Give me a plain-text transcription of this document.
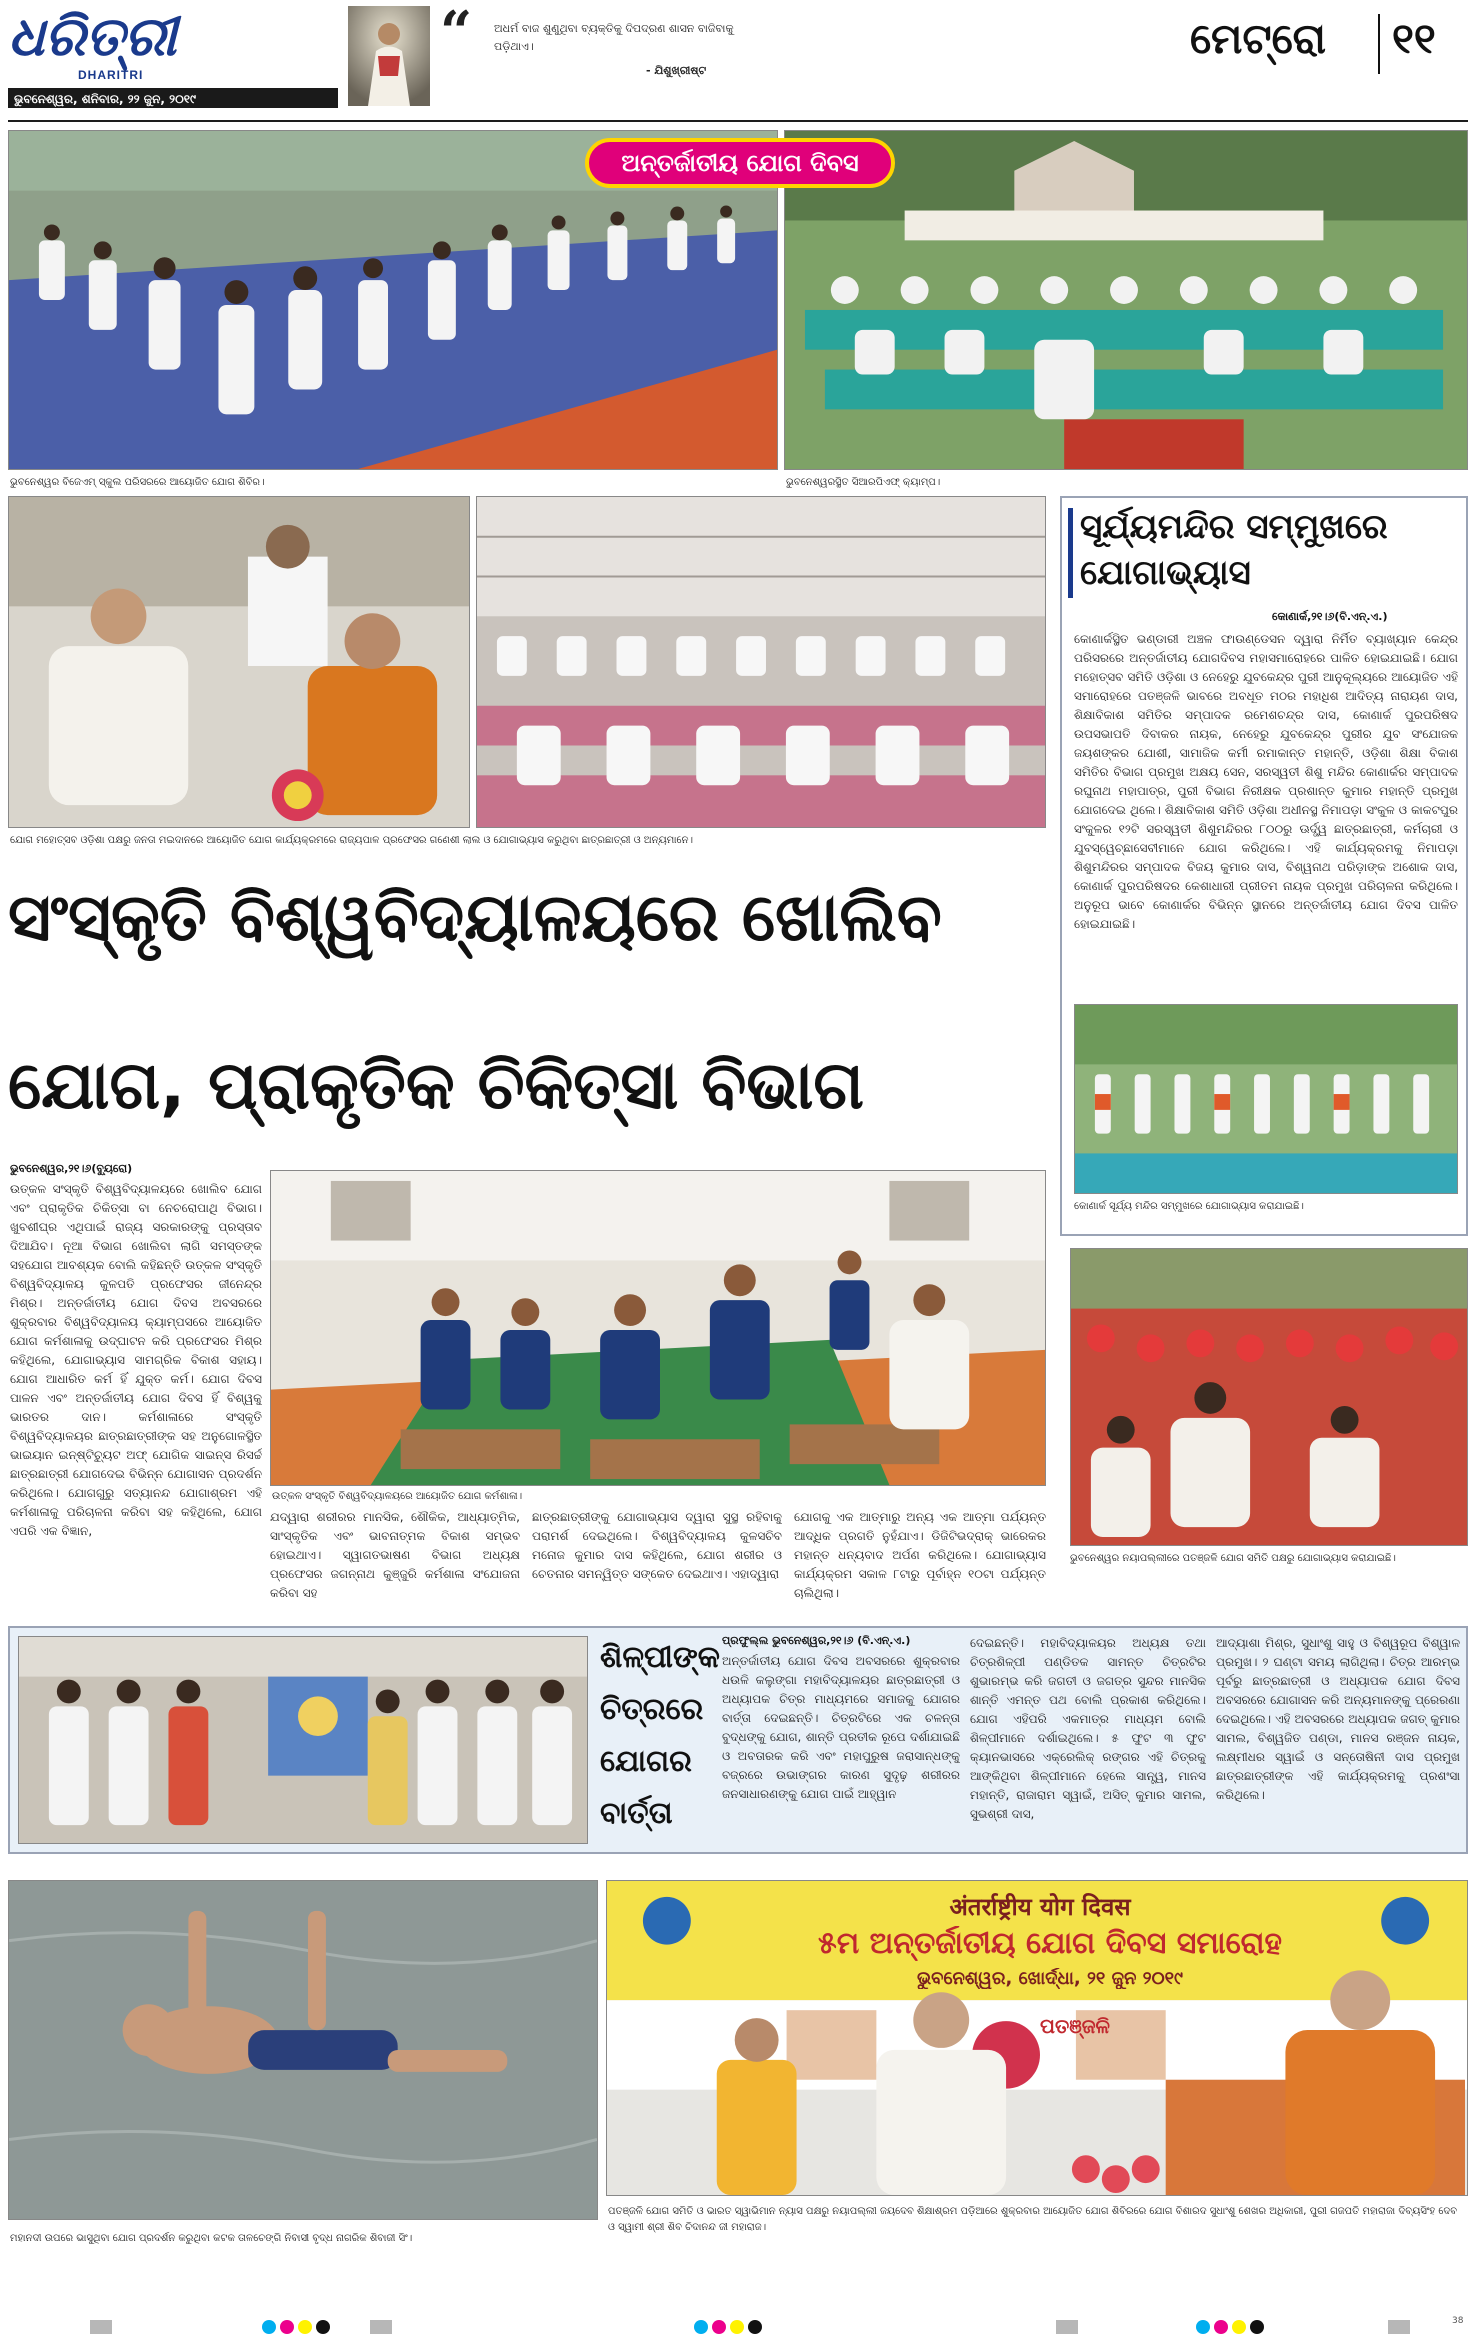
ଧରିତ୍ରୀ
DHARITRI
ଭୁବନେଶ୍ୱର, ଶନିବାର, ୨୨ ଜୁନ, ୨୦୧୯
“ ଅଧର୍ମ ବାଜ ଶୁଣୁଥିବା ବ୍ୟକ୍ତିକୁ ଦିପଦ୍ରଣ ଶାସନ ବାଜିବାକୁ ପଡ଼ିଥାଏ।
- ଯିଶୁଖ୍ରୀଷ୍ଟ
ମେଟ୍ରୋ ୧୧
ଅନ୍ତର୍ଜାତୀୟ ଯୋଗ ଦିବସ
ଭୁବନେଶ୍ୱର ବିଜେଏମ୍ ସ୍କୁଲ ପରିସରରେ ଆୟୋଜିତ ଯୋଗ ଶିବିର।	ଭୁବନେଶ୍ୱରସ୍ଥିତ ସିଆରପିଏଫ୍ କ୍ୟାମ୍ପ।
ଯୋଗ ମହୋତ୍ସବ ଓଡ଼ିଶା ପକ୍ଷରୁ ଜନତା ମଇଦାନରେ ଆୟୋଜିତ ଯୋଗ କାର୍ଯ୍ୟକ୍ରମରେ ରାଜ୍ୟପାଳ ପ୍ରଫେସର ଗଣେଶୀ ଲାଲ ଓ ଯୋଗାଭ୍ୟାସ କରୁଥିବା ଛାତ୍ରଛାତ୍ରୀ ଓ ଅନ୍ୟମାନେ।
ସୂର୍ଯ୍ୟମନ୍ଦିର ସମ୍ମୁଖରେ ଯୋଗାଭ୍ୟାସ
କୋଣାର୍କ,୨୧।୬(ବି.ଏନ୍.ଏ.)
କୋଣାର୍କସ୍ଥିତ ଭଣ୍ଡାରୀ ଅଞ୍ଚଳ ଫାଉଣ୍ଡେସନ ଦ୍ୱାରା ନିର୍ମିତ ବ୍ୟାଖ୍ୟାନ କେନ୍ଦ୍ର ପରିସରରେ ଅନ୍ତର୍ଜାତୀୟ ଯୋଗଦିବସ ମହାସମାରୋହରେ ପାଳିତ ହୋଇଯାଇଛି। ଯୋଗ ମହୋତ୍ସବ ସମିତି ଓଡ଼ିଶା ଓ ନେହେରୁ ଯୁବକେନ୍ଦ୍ର ପୁରୀ ଆନୁକୂଲ୍ୟରେ ଆୟୋଜିତ ଏହି ସମାରୋହରେ ପତଞ୍ଜଳି ଭାବରେ ଅବଧୂତ ମଠର ମହାଧିଶ ଆଦିତ୍ୟ ନାରାୟଣ ଦାସ, ଶିକ୍ଷାବିକାଶ ସମିତିର ସମ୍ପାଦକ ରମେଶଚନ୍ଦ୍ର ଦାସ, କୋଣାର୍କ ପୁରପରିଷଦ ଉପସଭାପତି ଦିବାକର ନାୟକ, ନେହେରୁ ଯୁବକେନ୍ଦ୍ର ପୁରୀର ଯୁବ ସଂଯୋଜକ ଜୟଶଙ୍କର ଯୋଶୀ, ସାମାଜିକ କର୍ମୀ ରମାକାନ୍ତ ମହାନ୍ତି, ଓଡ଼ିଶା ଶିକ୍ଷା ବିକାଶ ସମିତିର ବିଭାଗ ପ୍ରମୁଖ ଅକ୍ଷୟ ସେନ, ସରସ୍ୱତୀ ଶିଶୁ ମନ୍ଦିର କୋଣାର୍କର ସମ୍ପାଦକ ରଘୁନାଥ ମହାପାତ୍ର, ପୁରୀ ବିଭାଗ ନିରୀକ୍ଷକ ପ୍ରଶାନ୍ତ କୁମାର ମହାନ୍ତି ପ୍ରମୁଖ ଯୋଗଦେଇ ଥିଲେ। ଶିକ୍ଷାବିକାଶ ସମିତି ଓଡ଼ିଶା ଅଧୀନସ୍ଥ ନିମାପଡ଼ା ସଂକୁଳ ଓ କାକଟପୁର ସଂକୁଳର ୧୨ଟି ସରସ୍ୱତୀ ଶିଶୁମନ୍ଦିରର ୮୦୦ରୁ ଊର୍ଦ୍ଧ୍ୱ ଛାତ୍ରଛାତ୍ରୀ, କର୍ମଚାରୀ ଓ ଯୁବସ୍ୱେଚ୍ଛାସେବୀମାନେ ଯୋଗ କରିଥିଲେ। ଏହି କାର୍ଯ୍ୟକ୍ରମକୁ ନିମାପଡ଼ା ଶିଶୁମନ୍ଦିରର ସମ୍ପାଦକ ବିଜୟ କୁମାର ଦାସ, ବିଶ୍ୱନାଥ ପରିଡ଼ାଙ୍କ ଅଶୋକ ଦାସ, କୋଣାର୍କ ପୁରପରିଷଦର କେଶାଧାରୀ ପ୍ରୀତମ ନାୟକ ପ୍ରମୁଖ ପରିଚାଳନା କରିଥିଲେ। ଅନୁରୂପ ଭାବେ କୋଣାର୍କର ବିଭିନ୍ନ ସ୍ଥାନରେ ଅନ୍ତର୍ଜାତୀୟ ଯୋଗ ଦିବସ ପାଳିତ ହୋଇଯାଇଛି।
କୋଣାର୍କ ସୂର୍ଯ୍ୟ ମନ୍ଦିର ସମ୍ମୁଖରେ ଯୋଗାଭ୍ୟାସ କରାଯାଇଛି।
ସଂସ୍କୃତି ବିଶ୍ୱବିଦ୍ୟାଳୟରେ ଖୋଲିବ
ଯୋଗ, ପ୍ରାକୃତିକ ଚିକିତ୍ସା ବିଭାଗ
ଭୁବନେଶ୍ୱର,୨୧।୬(ବ୍ୟୁରୋ)
ଉତ୍କଳ ସଂସ୍କୃତି ବିଶ୍ୱବିଦ୍ୟାଳୟରେ ଖୋଲିବ ଯୋଗ ଏବଂ ପ୍ରାକୃତିକ ଚିକିତ୍ସା ବା ନେଚରୋପାଥି ବିଭାଗ। ଖୁବଶୀଘ୍ର ଏଥିପାଇଁ ରାଜ୍ୟ ସରକାରଙ୍କୁ ପ୍ରସ୍ତାବ ଦିଆଯିବ। ନୂଆ ବିଭାଗ ଖୋଲିବା ଲାଗି ସମସ୍ତଙ୍କ ସହଯୋଗ ଆବଶ୍ୟକ ବୋଲି କହିଛନ୍ତି ଉତ୍କଳ ସଂସ୍କୃତି ବିଶ୍ୱବିଦ୍ୟାଳୟ କୁଳପତି ପ୍ରଫେସର ଜୀନେନ୍ଦ୍ର ମିଶ୍ର। ଅନ୍ତର୍ଜାତୀୟ ଯୋଗ ଦିବସ ଅବସରରେ ଶୁକ୍ରବାର ବିଶ୍ୱବିଦ୍ୟାଳୟ କ୍ୟାମ୍ପସରେ ଆୟୋଜିତ ଯୋଗ କର୍ମଶାଳାକୁ ଉଦ୍‌ଘାଟନ କରି ପ୍ରଫେସର ମିଶ୍ର କହିଥିଲେ, ଯୋଗାଭ୍ୟାସ ସାମଗ୍ରିକ ବିକାଶ ସହାୟ। ଯୋଗ ଆଧାରିତ କର୍ମ ହିଁ ଯୁକ୍ତ କର୍ମ। ଯୋଗ ଦିବସ ପାଳନ ଏବଂ ଅନ୍ତର୍ଜାତୀୟ ଯୋଗ ଦିବସ ହିଁ ବିଶ୍ୱକୁ ଭାରତର ଦାନ। କର୍ମଶାଳାରେ ସଂସ୍କୃତି ବିଶ୍ୱବିଦ୍ୟାଳୟର ଛାତ୍ରଛାତ୍ରୀଙ୍କ ସହ ଅନୁଗୋଳସ୍ଥିତ ଭାଇୟାନ ଇନ୍‌ଷ୍ଟିଚ୍ୟୁଟ ଅଫ୍ ଯୋଗିକ ସାଇନ୍ସ ରିସର୍ଚ୍ଚ ଛାତ୍ରଛାତ୍ରୀ ଯୋଗଦେଇ ବିଭିନ୍ନ ଯୋଗାସନ ପ୍ରଦର୍ଶନ କରିଥିଲେ। ଯୋଗଗୁରୁ ସତ୍ୟାନନ୍ଦ ଯୋଗାଶ୍ରମ ଏହି କର୍ମଶାଳାକୁ ପରିଚାଳନା କରିବା ସହ କହିଥିଲେ, ଯୋଗ ଏପରି ଏକ ବିଜ୍ଞାନ,
ଉତ୍କଳ ସଂସ୍କୃତି ବିଶ୍ୱବିଦ୍ୟାଳୟରେ ଆୟୋଜିତ ଯୋଗ କର୍ମଶାଳା।
ଯଦ୍ୱାରା ଶରୀରର ମାନସିକ, ଶୌକିକ, ଆଧ୍ୟାତ୍ମିକ, ସାଂସ୍କୃତିକ ଏବଂ ଭାବନାତ୍ମକ ବିକାଶ ସମ୍ଭବ ହୋଇଥାଏ। ସ୍ୱାଗତଭାଷଣ ବିଭାଗ ଅଧ୍ୟକ୍ଷ ପ୍ରଫେସର ଜଗନ୍ନାଥ କୁଞ୍ଜୁରି କର୍ମଶାଳା ସଂଯୋଜନା କରିବା ସହ
ଛାତ୍ରଛାତ୍ରୀଙ୍କୁ ଯୋଗାଭ୍ୟାସ ଦ୍ୱାରା ସୁସ୍ଥ ରହିବାକୁ ପରାମର୍ଶ ଦେଇଥିଲେ। ବିଶ୍ୱବିଦ୍ୟାଳୟ କୁଳସଚିବ ମନୋଜ କୁମାର ଦାସ କହିଥିଲେ, ଯୋଗ ଶରୀର ଓ ଚେତନାର ସମନ୍ୱିତ୍ତ ସଙ୍କେତ ଦେଇଥାଏ। ଏହାଦ୍ୱାରା
ଯୋଗକୁ ଏକ ଆତ୍ମାରୁ ଅନ୍ୟ ଏକ ଆତ୍ମା ପର୍ଯ୍ୟନ୍ତ ଆଦ୍ଧିକ ପ୍ରଗତି ନୁହଁଯାଏ। ଡିଜିଟିଭଦ୍ରାକ୍ ଭାରେକର ମହାନ୍ତ ଧନ୍ୟବାଦ ଅର୍ପଣ କରିଥିଲେ। ଯୋଗାଭ୍ୟାସ କାର୍ଯ୍ୟକ୍ରମ ସକାଳ ୮ଟାରୁ ପୂର୍ବାହ୍ନ ୧୦ଟା ପର୍ଯ୍ୟନ୍ତ ଚାଲିଥିଲା।
ଭୁବନେଶ୍ୱର ନୟାପଲ୍ଲୀରେ ପତଞ୍ଜଳି ଯୋଗ ସମିତି ପକ୍ଷରୁ ଯୋଗାଭ୍ୟାସ କରାଯାଇଛି।
ଶିଳ୍ପୀଙ୍କ ଚିତ୍ରରେ ଯୋଗର ବାର୍ତ୍ତା
ପ୍ରଫୁଲ୍ଲ ଭୁବନେଶ୍ୱର,୨୧।୬ (ବି.ଏନ୍.ଏ.)
ଅନ୍ତର୍ଜାତୀୟ ଯୋଗ ଦିବସ ଅବସରରେ ଶୁକ୍ରବାର ଧଉଳି କଲୁଙ୍ଗା ମହାବିଦ୍ୟାଳୟର ଛାତ୍ରଛାତ୍ରୀ ଓ ଅଧ୍ୟାପକ ଚିତ୍ର ମାଧ୍ୟମରେ ସମାଜକୁ ଯୋଗର ବାର୍ତ୍ତା ଦେଇଛନ୍ତି। ଚିତ୍ରଟିରେ ଏକ ଚଳନ୍ତା ବୁଦ୍ଧଙ୍କୁ ଯୋଗ, ଶାନ୍ତି ପ୍ରତୀକ ରୂପେ ଦର୍ଶାଯାଇଛି ଓ ଅବତାରକ କରି ଏବଂ ମହାପୁରୁଷ ଜରାସାନ୍ଧଙ୍କୁ ବଜ୍ରରେ ଉଭାଙ୍ଗର କାରଣ ସୁଦୃଢ଼ ଶରୀରର ଜନସାଧାରଣଙ୍କୁ ଯୋଗ ପାଇଁ ଆହ୍ୱାନ
ଦେଇଛନ୍ତି। ମହାବିଦ୍ୟାଳୟର ଅଧ୍ୟକ୍ଷ ତଥା ଚିତ୍ରଶିଳ୍ପୀ ପଣ୍ଡିତକ ସାମନ୍ତ ଚିତ୍ରଟିର ଶୁଭାରମ୍ଭ କରି ଜଗତୀ ଓ ଜଗତ୍‌ର ସୁନ୍ଦର ମାନସିକ ଶାନ୍ତି ଏମନ୍ତ ପଥ ବୋଲି ପ୍ରକାଶ କରିଥିଲେ। ଯୋଗ ଏହିପରି ଏକମାତ୍ର ମାଧ୍ୟମ ବୋଲି ଶିଳ୍ପୀମାନେ ଦର୍ଶାଇଥିଲେ। ୫ ଫୁଟ ୩ ଫୁଟ କ୍ୟାନଭାସରେ ଏକ୍ରେଲିକ୍ ରଙ୍ଗର ଏହି ଚିତ୍ରକୁ ଆଙ୍କିଥିବା ଶିଳ୍ପୀମାନେ ହେଲେ ସାନ୍ତ୍ୱ, ମାନସ ମହାନ୍ତି, ରାଜାରାମ ସ୍ୱାଇଁ, ଅସିତ୍ କୁମାର ସାମଲ, ସୁଭଶ୍ରୀ ଦାସ,
ଆଦ୍ୟାଶା ମିଶ୍ର, ସୁଧାଂଶୁ ସାହୁ ଓ ବିଶ୍ୱରୂପ ବିଶ୍ୱାଳ ପ୍ରମୁଖ। ୨ ଘଣ୍ଟା ସମୟ ଲାଗିଥିଲା। ଚିତ୍ର ଆରମ୍ଭ ପୂର୍ବରୁ ଛାତ୍ରଛାତ୍ରୀ ଓ ଅଧ୍ୟାପକ ଯୋଗ ଦିବସ ଅବସରରେ ଯୋଗାସନ କରି ଅନ୍ୟମାନଙ୍କୁ ପ୍ରେରଣା ଦେଇଥିଲେ। ଏହି ଅବସରରେ ଅଧ୍ୟାପକ ଜଗତ୍ କୁମାର ସାମଲ, ବିଶ୍ୱଜିତ ପଣ୍ଡା, ମାନସ ରଞ୍ଜନ ନାୟକ, ଲକ୍ଷ୍ମୀଧର ସ୍ୱାଇଁ ଓ ସନ୍ତୋଷିନୀ ଦାସ ପ୍ରମୁଖ ଛାତ୍ରଛାତ୍ରୀଙ୍କ ଏହି କାର୍ଯ୍ୟକ୍ରମକୁ ପ୍ରଶଂସା କରିଥିଲେ।
ମହାନଦୀ ଉପରେ ଭାସୁଥିବା ଯୋଗ ପ୍ରଦର୍ଶନ କରୁଥିବା କଟକ ତାଳଚେଙ୍ଗି ନିବାସୀ ବୃଦ୍ଧ ନାଗରିକ ଶିବାଜୀ ସିଂ।
अंतर्राष्ट्रीय योग दिवस
୫ମ ଅନ୍ତର୍ଜାତୀୟ ଯୋଗ ଦିବସ ସମାରୋହ
ଭୁବନେଶ୍ୱର, ଖୋର୍ଦ୍ଧା, ୨୧ ଜୁନ ୨୦୧୯
ପତଞ୍ଜଳି
ପତଞ୍ଜଳି ଯୋଗ ସମିତି ଓ ଭାରତ ସ୍ୱାଭିମାନ ନ୍ୟାସ ପକ୍ଷରୁ ନୟାପଲ୍ଲୀ ଜୟଦେବ ଶିକ୍ଷାଶ୍ରମ ପଡ଼ିଆରେ ଶୁକ୍ରବାର ଆୟୋଜିତ ଯୋଗ ଶିବିରରେ ଯୋଗ ବିଶାରଦ ସୁଧାଂଶୁ ଶେଖର ଅଧିକାରୀ, ପୁରୀ ଗଜପତି ମହାରାଜା ଦିବ୍ୟସିଂହ ଦେବ ଓ ସ୍ୱାମୀ ଶ୍ରୀ ଶିବ ଚିଦାନନ୍ଦ ଜୀ ମହାରାଜ।
38
